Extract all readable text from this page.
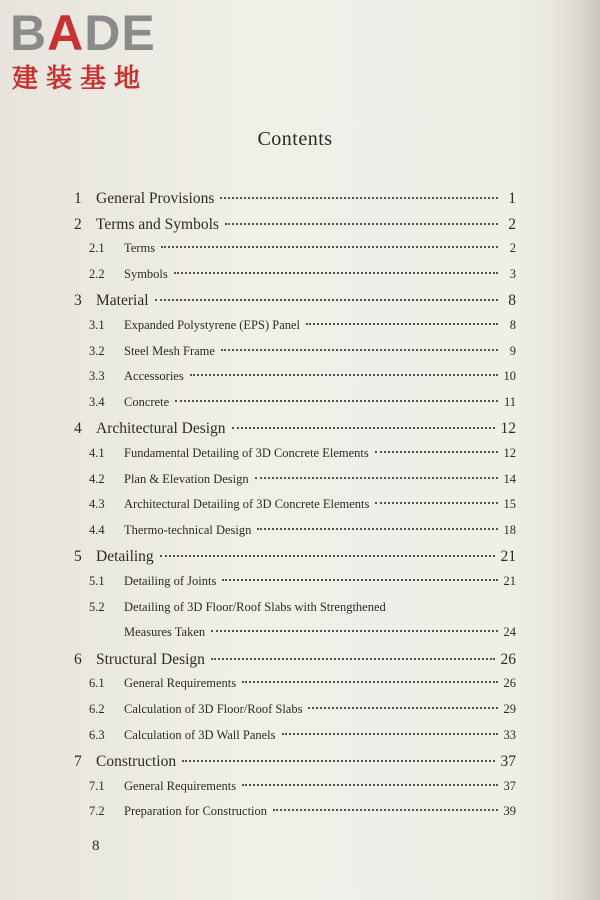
BADE
建装基地
Contents
1 General Provisions	1
2 Terms and Symbols	2
2.1	Terms	2
2.2	Symbols	3
3 Material	8
3.1	Expanded Polystyrene (EPS) Panel	8
3.2	Steel Mesh Frame	9
3.3	Accessories	10
3.4	Concrete	11
4 Architectural Design	12
4.1	Fundamental Detailing of 3D Concrete Elements	12
4.2	Plan & Elevation Design	14
4.3	Architectural Detailing of 3D Concrete Elements	15
4.4	Thermo-technical Design	18
5 Detailing	21
5.1	Detailing of Joints	21
5.2	Detailing of 3D Floor/Roof Slabs with Strengthened
Measures Taken	24
6 Structural Design	26
6.1	General Requirements	26
6.2	Calculation of 3D Floor/Roof Slabs	29
6.3	Calculation of 3D Wall Panels	33
7 Construction	37
7.1	General Requirements	37
7.2	Preparation for Construction	39
8
